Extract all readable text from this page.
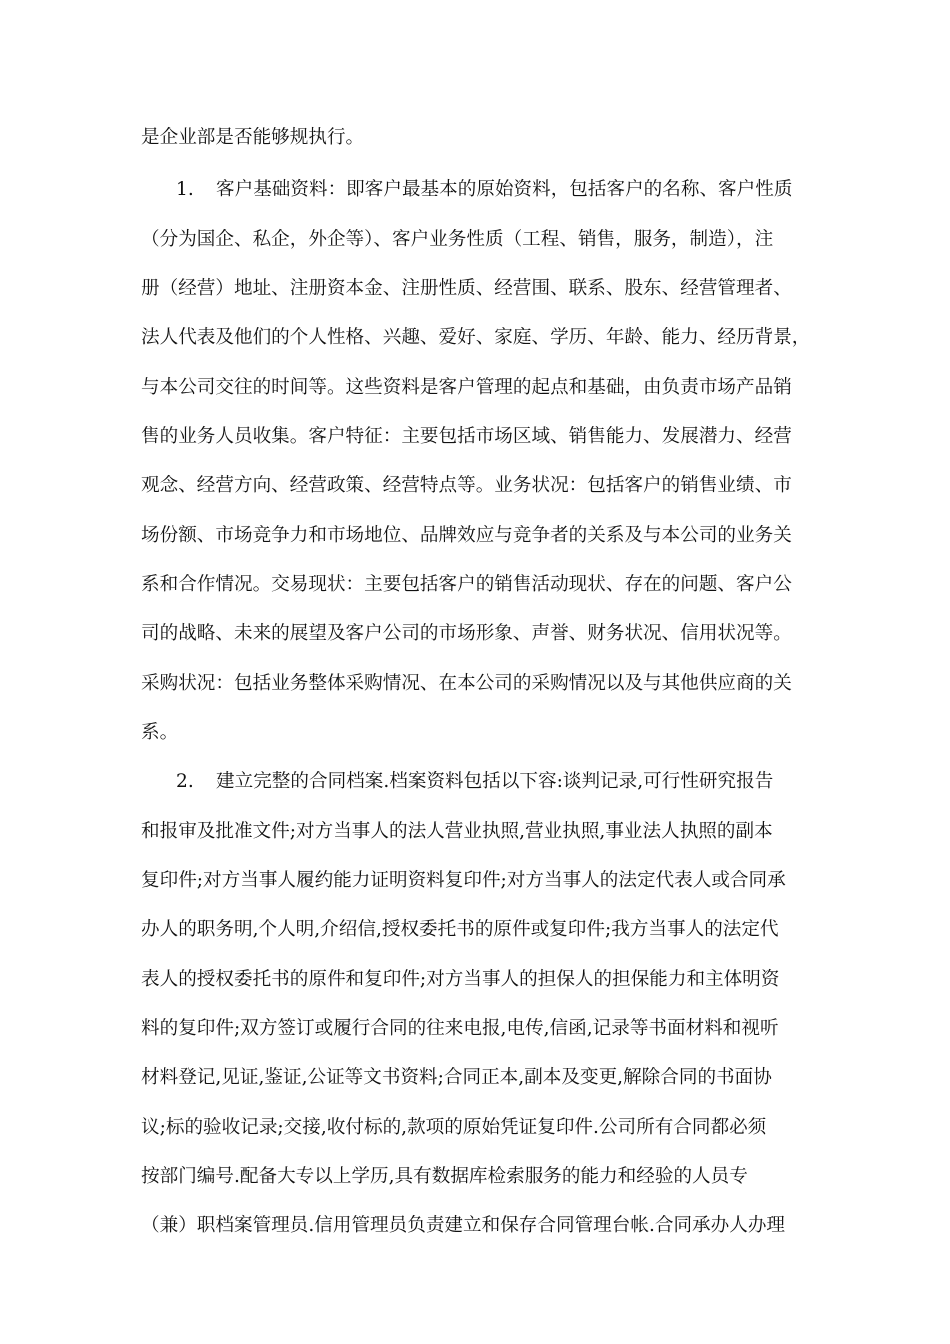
是企业部是否能够规执行。
1. 客户基础资料：即客户最基本的原始资料，包括客户的名称、客户性质
（分为国企、私企，外企等）、客户业务性质（工程、销售，服务，制造），注
册（经营）地址、注册资本金、注册性质、经营围、联系、股东、经营管理者、
法人代表及他们的个人性格、兴趣、爱好、家庭、学历、年龄、能力、经历背景，
与本公司交往的时间等。这些资料是客户管理的起点和基础，由负责市场产品销
售的业务人员收集。客户特征：主要包括市场区域、销售能力、发展潜力、经营
观念、经营方向、经营政策、经营特点等。业务状况：包括客户的销售业绩、市
场份额、市场竞争力和市场地位、品牌效应与竞争者的关系及与本公司的业务关
系和合作情况。交易现状：主要包括客户的销售活动现状、存在的问题、客户公
司的战略、未来的展望及客户公司的市场形象、声誉、财务状况、信用状况等。
采购状况：包括业务整体采购情况、在本公司的采购情况以及与其他供应商的关
系。
2. 建立完整的合同档案.档案资料包括以下容:谈判记录,可行性研究报告
和报审及批准文件;对方当事人的法人营业执照,营业执照,事业法人执照的副本
复印件;对方当事人履约能力证明资料复印件;对方当事人的法定代表人或合同承
办人的职务明,个人明,介绍信,授权委托书的原件或复印件;我方当事人的法定代
表人的授权委托书的原件和复印件;对方当事人的担保人的担保能力和主体明资
料的复印件;双方签订或履行合同的往来电报,电传,信函,记录等书面材料和视听
材料登记,见证,鉴证,公证等文书资料;合同正本,副本及变更,解除合同的书面协
议;标的验收记录;交接,收付标的,款项的原始凭证复印件.公司所有合同都必须
按部门编号.配备大专以上学历,具有数据库检索服务的能力和经验的人员专
（兼）职档案管理员.信用管理员负责建立和保存合同管理台帐.合同承办人办理
